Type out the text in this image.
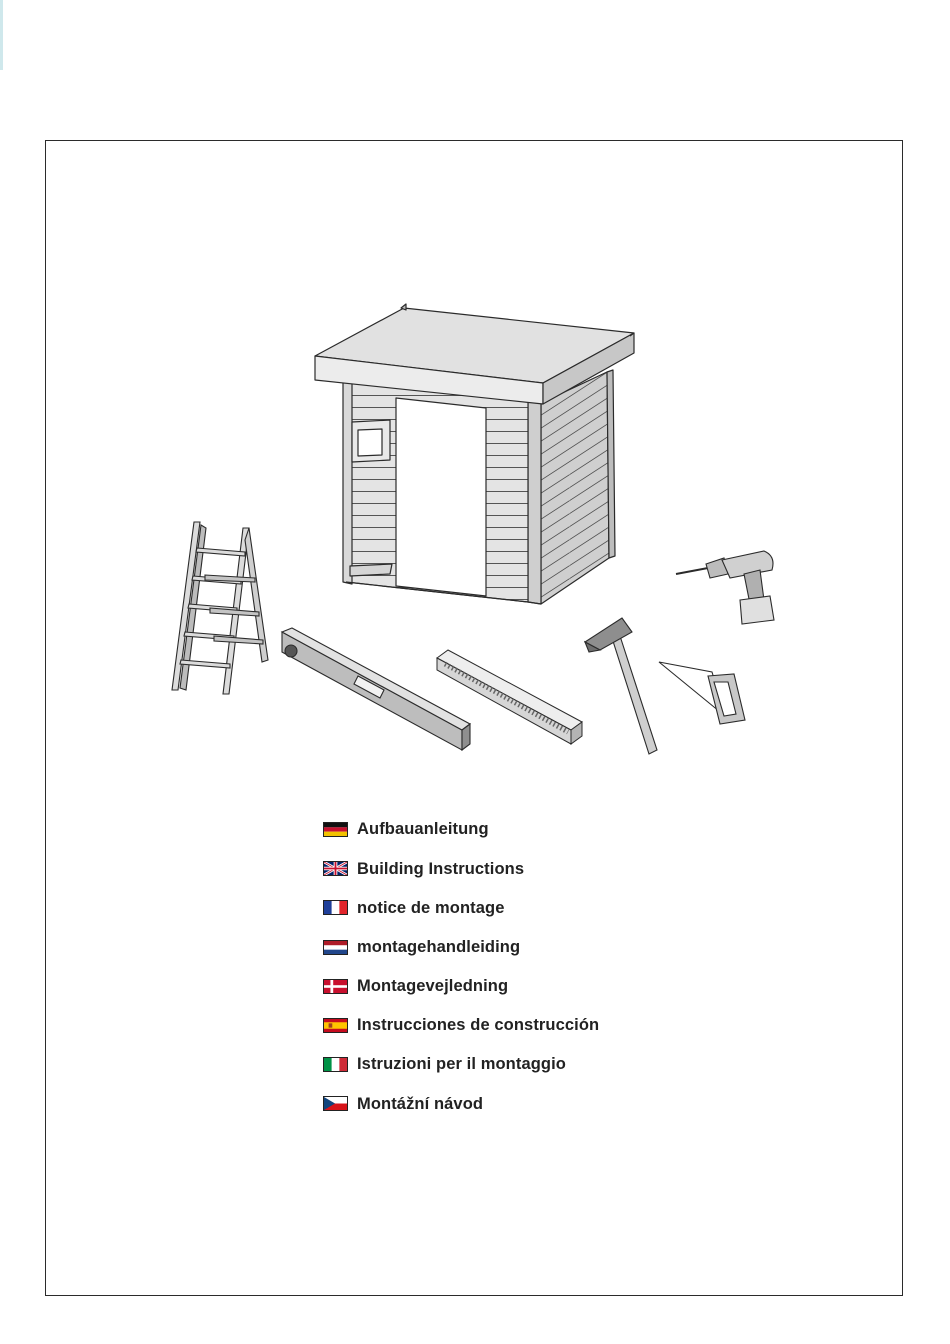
Aufbauanleitung
Building Instructions
notice de montage
montagehandleiding
Montagevejledning
Instrucciones de construcción
Istruzioni per il montaggio
Montážní návod
